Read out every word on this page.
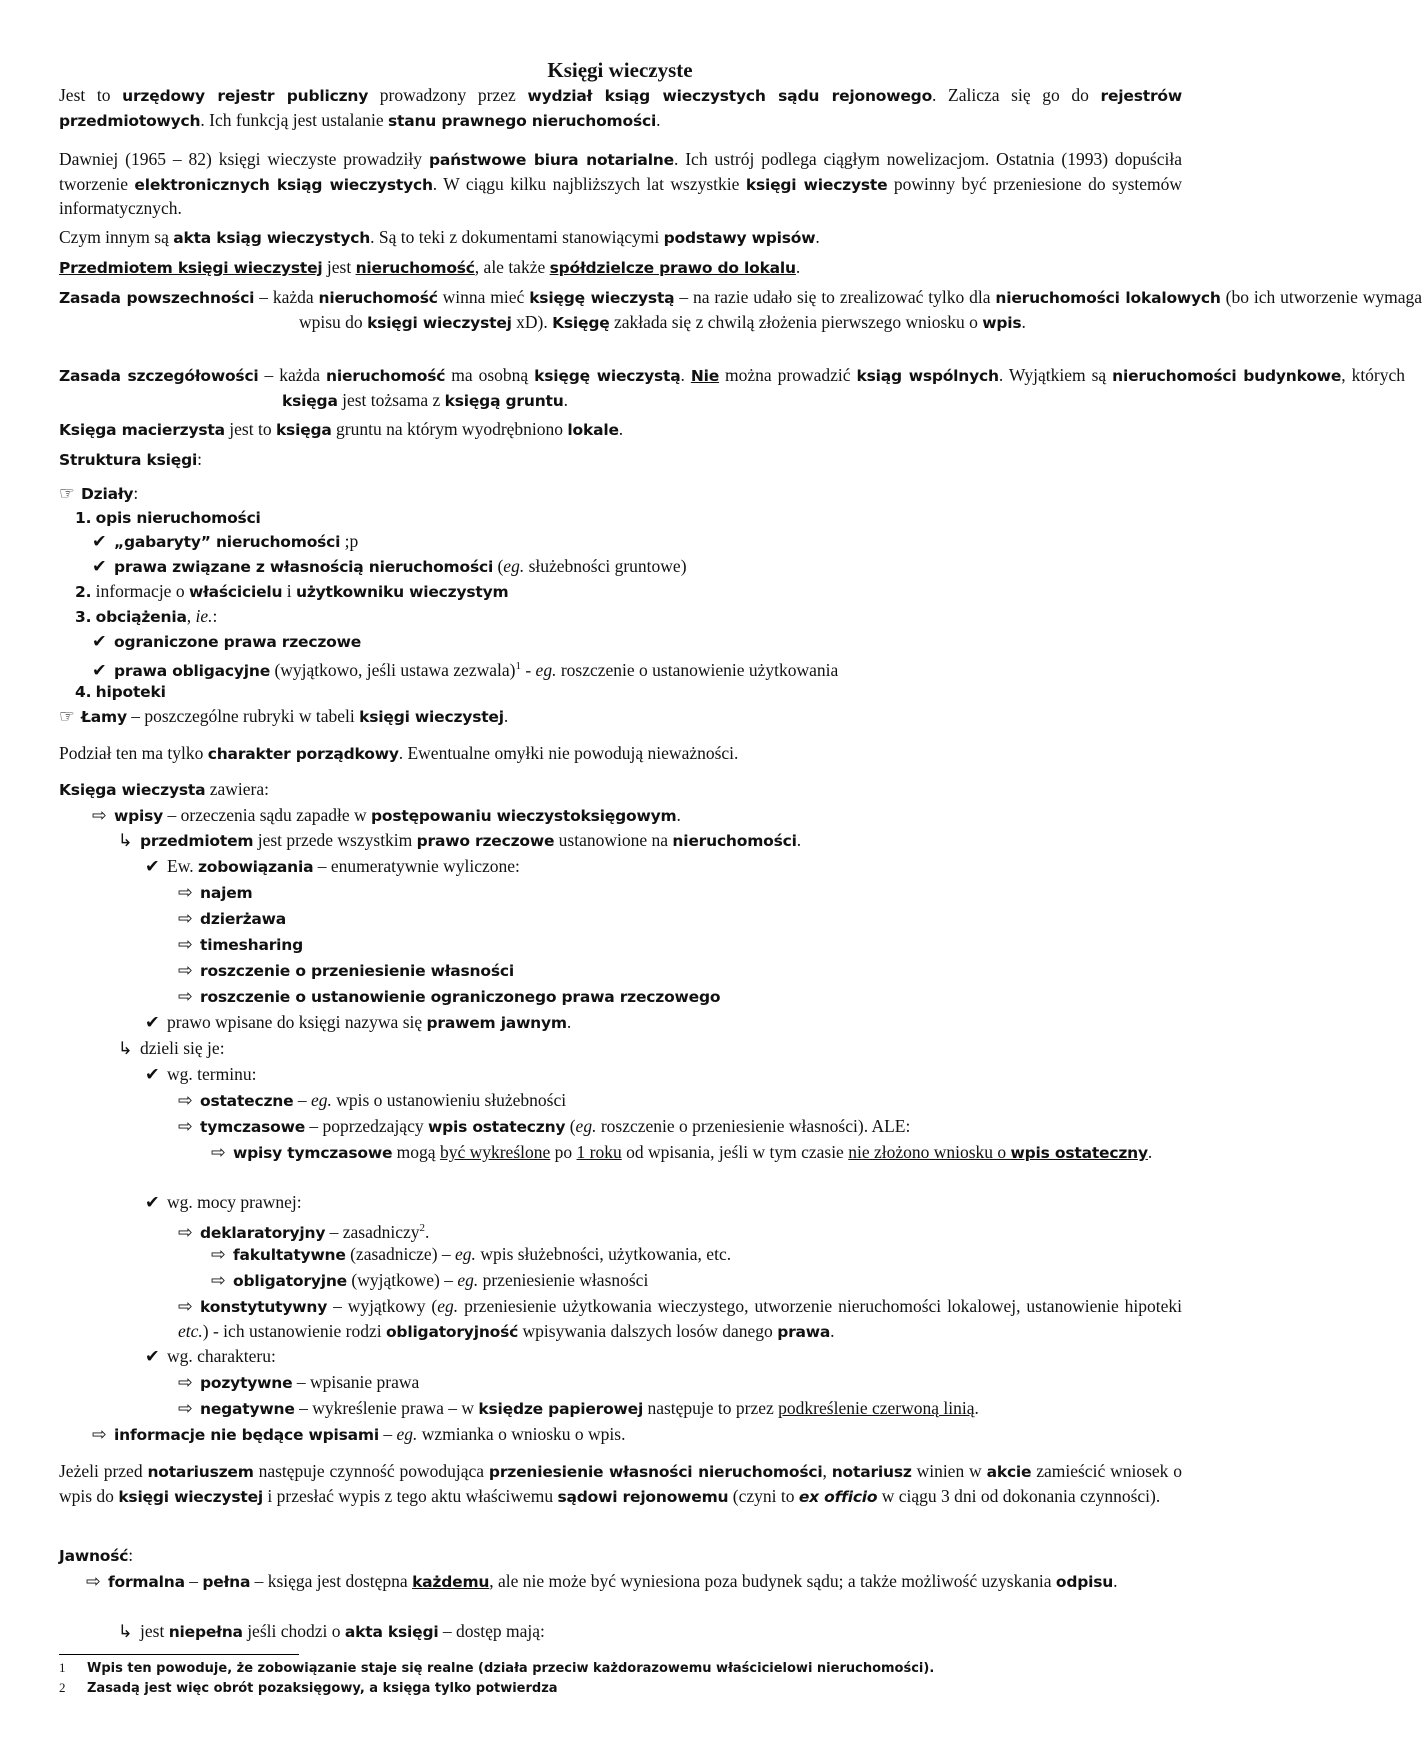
Księgi wieczyste
Jest to urzędowy rejestr publiczny prowadzony przez wydział ksiąg wieczystych sądu rejonowego. Zalicza się go do rejestrów przedmiotowych. Ich funkcją jest ustalanie stanu prawnego nieruchomości.
Dawniej (1965 – 82) księgi wieczyste prowadziły państwowe biura notarialne. Ich ustrój podlega ciągłym nowelizacjom. Ostatnia (1993) dopuściła tworzenie elektronicznych ksiąg wieczystych. W ciągu kilku najbliższych lat wszystkie księgi wieczyste powinny być przeniesione do systemów informatycznych.
Czym innym są akta ksiąg wieczystych. Są to teki z dokumentami stanowiącymi podstawy wpisów.
Przedmiotem księgi wieczystej jest nieruchomość, ale także spółdzielcze prawo do lokalu.
Zasada powszechności – każda nieruchomość winna mieć księgę wieczystą – na razie udało się to zrealizować tylko dla nieruchomości lokalowych (bo ich utworzenie wymaga wpisu do księgi wieczystej xD). Księgę zakłada się z chwilą złożenia pierwszego wniosku o wpis.
Zasada szczegółowości – każda nieruchomość ma osobną księgę wieczystą. Nie można prowadzić ksiąg wspólnych. Wyjątkiem są nieruchomości budynkowe, których księga jest tożsama z księgą gruntu.
Księga macierzysta jest to księga gruntu na którym wyodrębniono lokale.
Struktura księgi:
☞ Działy:
1. opis nieruchomości
✔ „gabaryty” nieruchomości ;p
✔ prawa związane z własnością nieruchomości (eg. służebności gruntowe)
2. informacje o właścicielu i użytkowniku wieczystym
3. obciążenia, ie.:
✔ ograniczone prawa rzeczowe
✔ prawa obligacyjne (wyjątkowo, jeśli ustawa zezwala)$^1$ - eg. roszczenie o ustanowienie użytkowania
4. hipoteki
☞ Łamy – poszczególne rubryki w tabeli księgi wieczystej.
Podział ten ma tylko charakter porządkowy. Ewentualne omyłki nie powodują nieważności.
Księga wieczysta zawiera:
⇨ wpisy – orzeczenia sądu zapadłe w postępowaniu wieczystoksięgowym.
↳ przedmiotem jest przede wszystkim prawo rzeczowe ustanowione na nieruchomości.
✔ Ew. zobowiązania – enumeratywnie wyliczone:
⇨ najem
⇨ dzierżawa
⇨ timesharing
⇨ roszczenie o przeniesienie własności
⇨ roszczenie o ustanowienie ograniczonego prawa rzeczowego
✔ prawo wpisane do księgi nazywa się prawem jawnym.
↳ dzieli się je:
✔ wg. terminu:
⇨ ostateczne – eg. wpis o ustanowieniu służebności
⇨ tymczasowe – poprzedzający wpis ostateczny (eg. roszczenie o przeniesienie własności). ALE:
⇨ wpisy tymczasowe mogą być wykreślone po 1 roku od wpisania, jeśli w tym czasie nie złożono wniosku o wpis ostateczny.
✔ wg. mocy prawnej:
⇨ deklaratoryjny – zasadniczy$^2$.
⇨ fakultatywne (zasadnicze) – eg. wpis służebności, użytkowania, etc.
⇨ obligatoryjne (wyjątkowe) – eg. przeniesienie własności
⇨ konstytutywny – wyjątkowy (eg. przeniesienie użytkowania wieczystego, utworzenie nieruchomości lokalowej, ustanowienie hipoteki etc.) - ich ustanowienie rodzi obligatoryjność wpisywania dalszych losów danego prawa.
✔ wg. charakteru:
⇨ pozytywne – wpisanie prawa
⇨ negatywne – wykreślenie prawa – w księdze papierowej następuje to przez podkreślenie czerwoną linią.
⇨ informacje nie będące wpisami – eg. wzmianka o wniosku o wpis.
Jeżeli przed notariuszem następuje czynność powodująca przeniesienie własności nieruchomości, notariusz winien w akcie zamieścić wniosek o wpis do księgi wieczystej i przesłać wypis z tego aktu właściwemu sądowi rejonowemu (czyni to ex officio w ciągu 3 dni od dokonania czynności).
Jawność:
⇨ formalna – pełna – księga jest dostępna każdemu, ale nie może być wyniesiona poza budynek sądu; a także możliwość uzyskania odpisu.
↳ jest niepełna jeśli chodzi o akta księgi – dostęp mają:
1 Wpis ten powoduje, że zobowiązanie staje się realne (działa przeciw każdorazowemu właścicielowi nieruchomości).
2 Zasadą jest więc obrót pozaksięgowy, a księga tylko potwierdza
